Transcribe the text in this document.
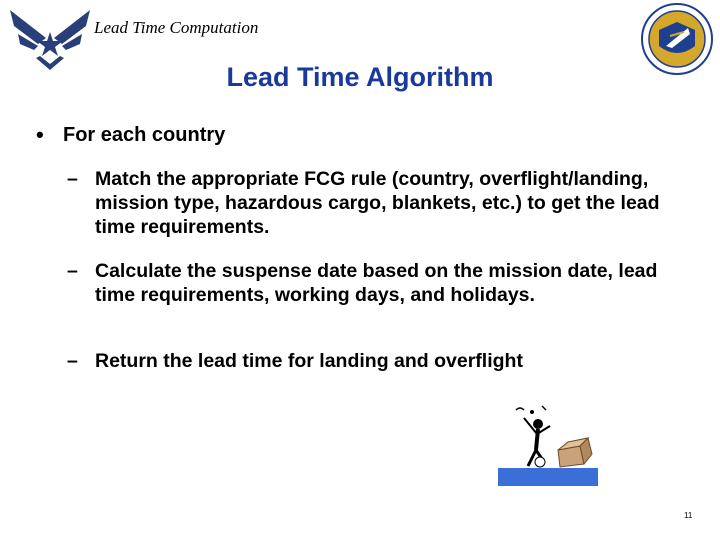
Lead Time Computation
Lead Time Algorithm
• For each country
– Match the appropriate FCG rule (country, overflight/landing, mission type, hazardous cargo, blankets, etc.) to get the lead time requirements.
– Calculate the suspense date based on the mission date, lead time requirements, working days, and holidays.
– Return the lead time for landing and overflight
11
